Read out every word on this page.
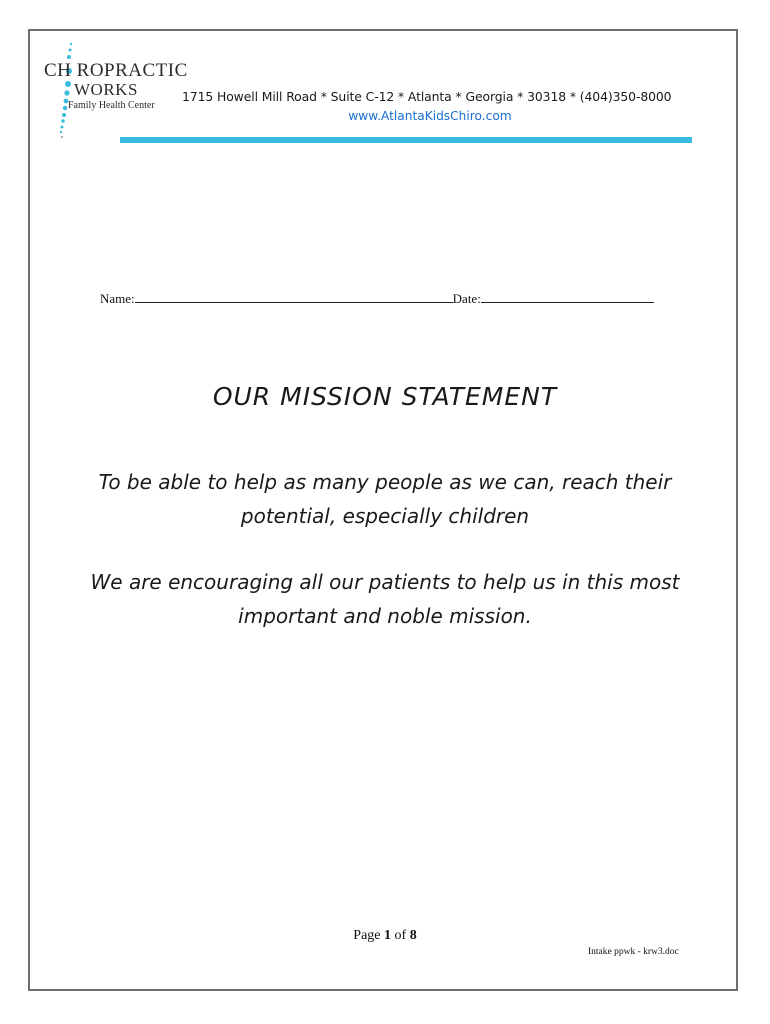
CH ROPRACTIC
WORKS
Family Health Center
1715 Howell Mill Road * Suite C-12 * Atlanta * Georgia * 30318 * (404)350-8000
www.AtlantaKidsChiro.com
Name:	Date:
OUR MISSION STATEMENT
To be able to help as many people as we can, reach their potential, especially children
We are encouraging all our patients to help us in this most important and noble mission.
Page 1 of 8
Intake ppwk - krw3.doc
